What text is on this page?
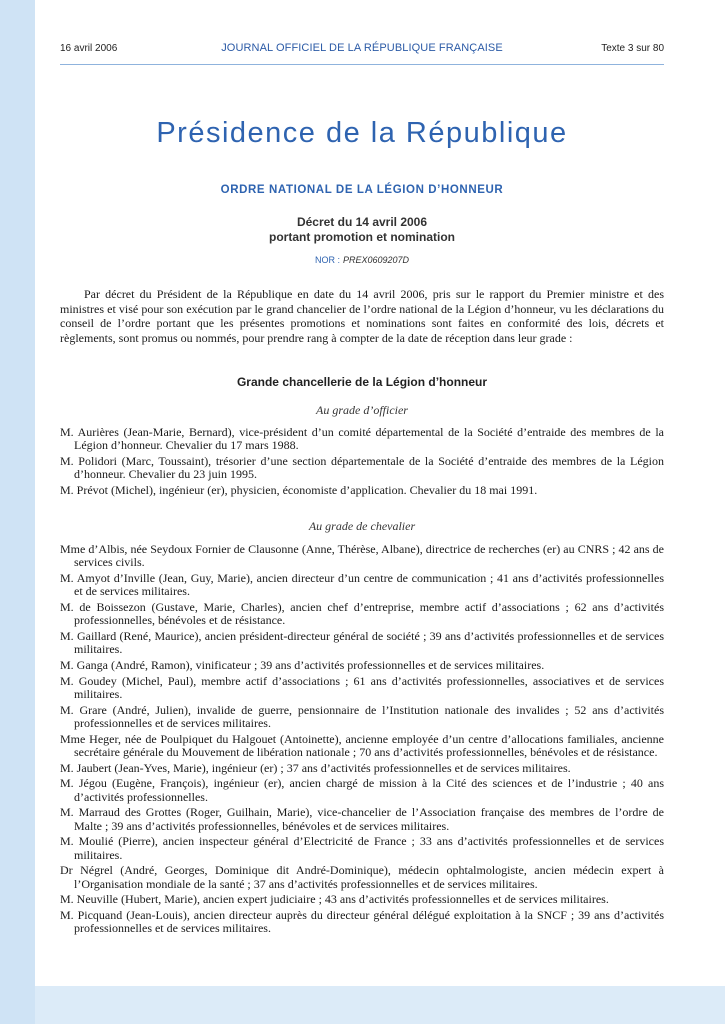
16 avril 2006	JOURNAL OFFICIEL DE LA RÉPUBLIQUE FRANÇAISE	Texte 3 sur 80
Présidence de la République
ORDRE NATIONAL DE LA LÉGION D’HONNEUR
Décret du 14 avril 2006
portant promotion et nomination
NOR : PREX0609207D

Par décret du Président de la République en date du 14 avril 2006, pris sur le rapport du Premier ministre et des ministres et visé pour son exécution par le grand chancelier de l’ordre national de la Légion d’honneur, vu les déclarations du conseil de l’ordre portant que les présentes promotions et nominations sont faites en conformité des lois, décrets et règlements, sont promus ou nommés, pour prendre rang à compter de la date de réception dans leur grade :

Grande chancellerie de la Légion d’honneur
Au grade d’officier
M. Aurières (Jean-Marie, Bernard), vice-président d’un comité départemental de la Société d’entraide des membres de la Légion d’honneur. Chevalier du 17 mars 1988.
M. Polidori (Marc, Toussaint), trésorier d’une section départementale de la Société d’entraide des membres de la Légion d’honneur. Chevalier du 23 juin 1995.
M. Prévot (Michel), ingénieur (er), physicien, économiste d’application. Chevalier du 18 mai 1991.
Au grade de chevalier
Mme d’Albis, née Seydoux Fornier de Clausonne (Anne, Thérèse, Albane), directrice de recherches (er) au CNRS ; 42 ans de services civils.
M. Amyot d’Inville (Jean, Guy, Marie), ancien directeur d’un centre de communication ; 41 ans d’activités professionnelles et de services militaires.
M. de Boissezon (Gustave, Marie, Charles), ancien chef d’entreprise, membre actif d’associations ; 62 ans d’activités professionnelles, bénévoles et de résistance.
M. Gaillard (René, Maurice), ancien président-directeur général de société ; 39 ans d’activités professionnelles et de services militaires.
M. Ganga (André, Ramon), vinificateur ; 39 ans d’activités professionnelles et de services militaires.
M. Goudey (Michel, Paul), membre actif d’associations ; 61 ans d’activités professionnelles, associatives et de services militaires.
M. Grare (André, Julien), invalide de guerre, pensionnaire de l’Institution nationale des invalides ; 52 ans d’activités professionnelles et de services militaires.
Mme Heger, née de Poulpiquet du Halgouet (Antoinette), ancienne employée d’un centre d’allocations familiales, ancienne secrétaire générale du Mouvement de libération nationale ; 70 ans d’activités professionnelles, bénévoles et de résistance.
M. Jaubert (Jean-Yves, Marie), ingénieur (er) ; 37 ans d’activités professionnelles et de services militaires.
M. Jégou (Eugène, François), ingénieur (er), ancien chargé de mission à la Cité des sciences et de l’industrie ; 40 ans d’activités professionnelles.
M. Marraud des Grottes (Roger, Guilhain, Marie), vice-chancelier de l’Association française des membres de l’ordre de Malte ; 39 ans d’activités professionnelles, bénévoles et de services militaires.
M. Moulié (Pierre), ancien inspecteur général d’Electricité de France ; 33 ans d’activités professionnelles et de services militaires.
Dr Négrel (André, Georges, Dominique dit André-Dominique), médecin ophtalmologiste, ancien médecin expert à l’Organisation mondiale de la santé ; 37 ans d’activités professionnelles et de services militaires.
M. Neuville (Hubert, Marie), ancien expert judiciaire ; 43 ans d’activités professionnelles et de services militaires.
M. Picquand (Jean-Louis), ancien directeur auprès du directeur général délégué exploitation à la SNCF ; 39 ans d’activités professionnelles et de services militaires.
